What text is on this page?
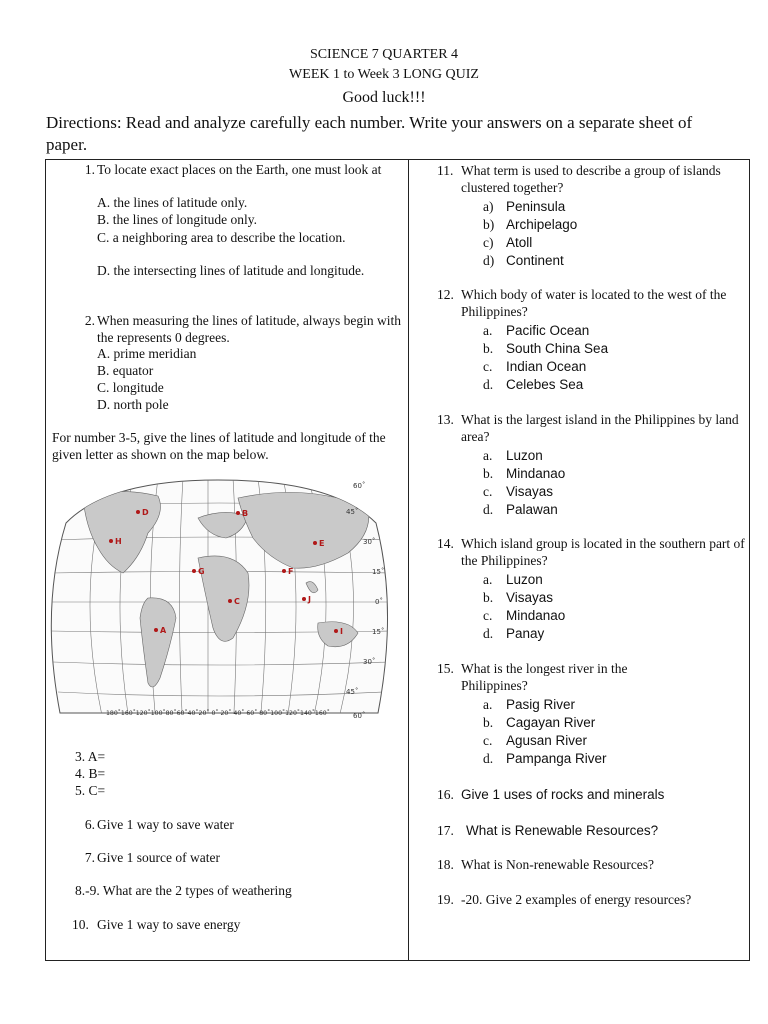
SCIENCE 7 QUARTER 4
WEEK 1 to Week 3 LONG QUIZ
Good luck!!!
Directions: Read and analyze carefully each number. Write your answers on a separate sheet of paper.
1. To locate exact places on the Earth, one must look at
A. the lines of latitude only.
B. the lines of longitude only.
C. a neighboring area to describe the location.
D. the intersecting lines of latitude and longitude.
2. When measuring the lines of latitude, always begin with the represents 0 degrees.
A. prime meridian
B. equator
C. longitude
D. north pole
For number 3-5, give the lines of latitude and longitude of the given letter as shown on the map below.
60˚
45˚
30˚
15˚
0˚
15˚
30˚
45˚
60˚
180˚160˚120˚100˚80˚60˚40˚20˚ 0˚ 20˚ 40˚ 60˚ 80˚100˚120˚140˚160˚
A
B
C
D
E
F
G
H
I
J
3. A=
4. B=
5. C=
6. Give 1 way to save water
7. Give 1 source of water
8.-9. What are the 2 types of weathering
10. Give 1 way to save energy
11. What term is used to describe a group of islands clustered together?
a) Peninsula
b) Archipelago
c) Atoll
d) Continent
12. Which body of water is located to the west of the Philippines?
a. Pacific Ocean
b. South China Sea
c. Indian Ocean
d. Celebes Sea
13. What is the largest island in the Philippines by land area?
a. Luzon
b. Mindanao
c. Visayas
d. Palawan
14. Which island group is located in the southern part of the Philippines?
a. Luzon
b. Visayas
c. Mindanao
d. Panay
15. What is the longest river in the Philippines?
a. Pasig River
b. Cagayan River
c. Agusan River
d. Pampanga River
16. Give 1 uses of rocks and minerals
17. What is Renewable Resources?
18. What is Non-renewable Resources?
19. -20. Give 2 examples of energy resources?
